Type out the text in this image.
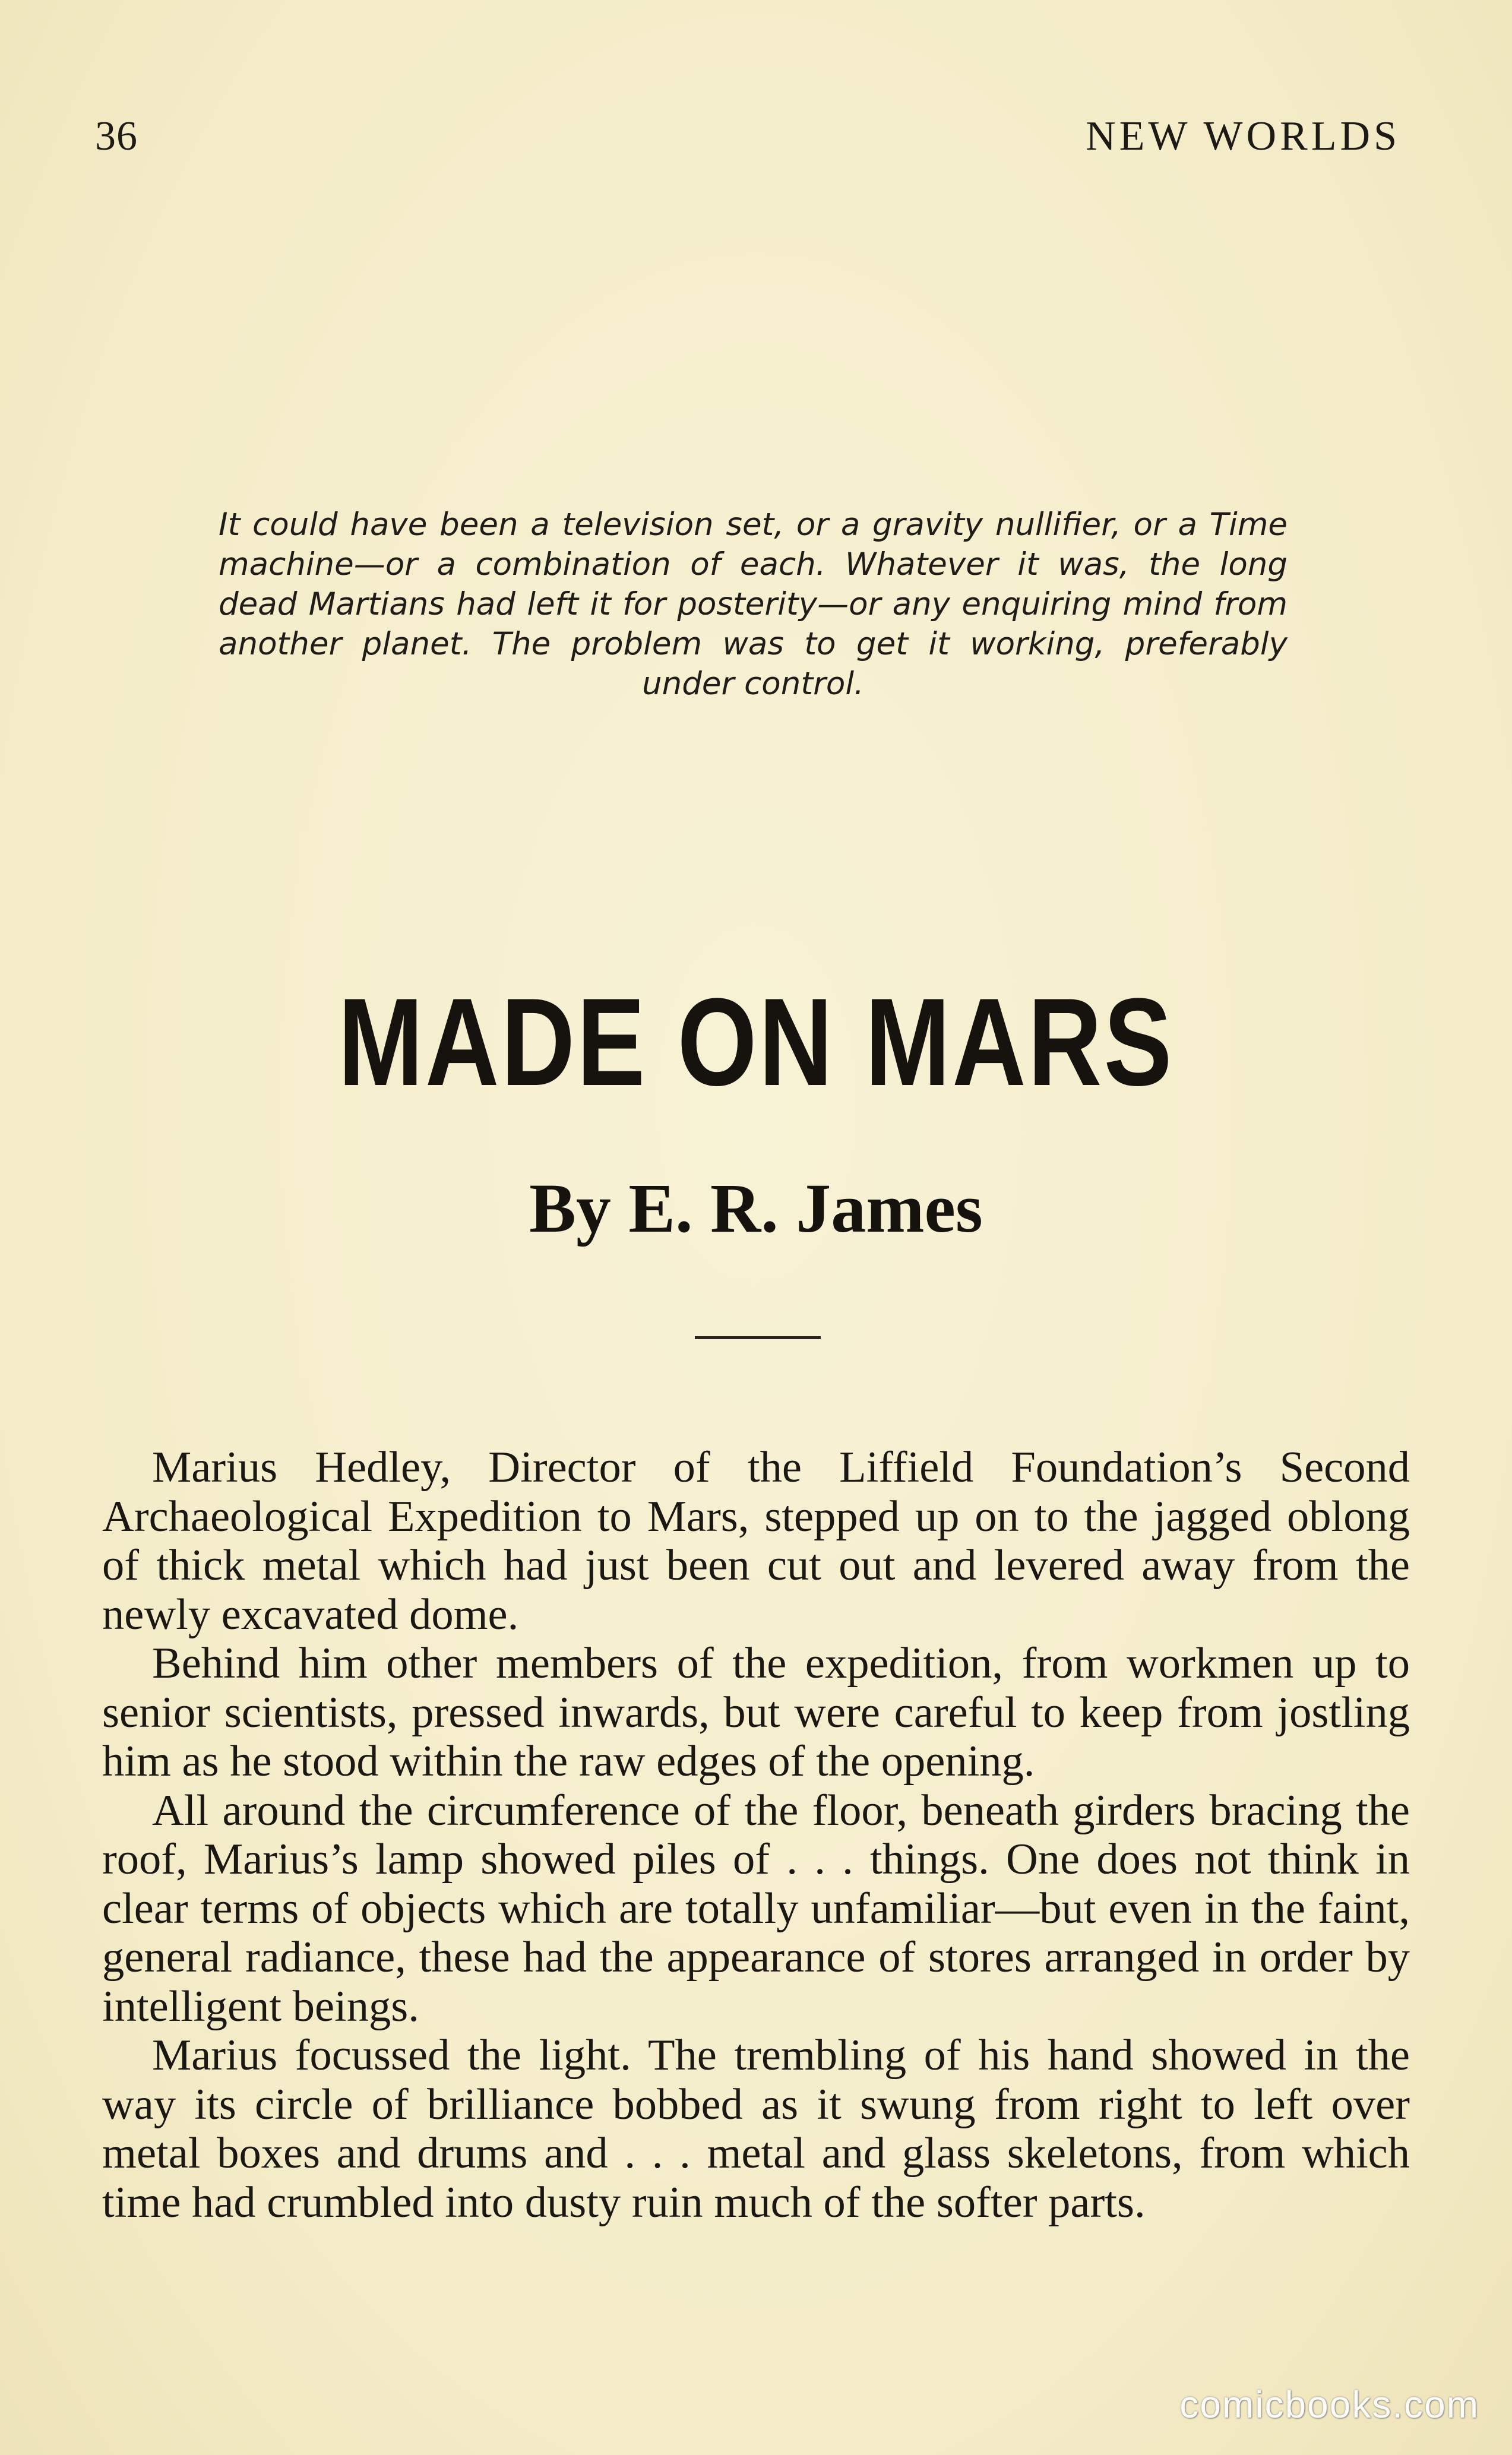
36	NEW WORLDS
It could have been a television set, or a gravity nullifier, or a Time machine—or a combination of each. Whatever it was, the long dead Martians had left it for posterity—or any enquiring mind from another planet. The problem was to get it working, preferably under control.
MADE ON MARS
By E. R. James

Marius Hedley, Director of the Liffield Foundation’s Second Archaeological Expedition to Mars, stepped up on to the jagged oblong of thick metal which had just been cut out and levered away from the newly excavated dome.

Behind him other members of the expedition, from workmen up to senior scientists, pressed inwards, but were careful to keep from jostling him as he stood within the raw edges of the opening.

All around the circumference of the floor, beneath girders bracing the roof, Marius’s lamp showed piles of . . . things. One does not think in clear terms of objects which are totally unfamiliar—but even in the faint, general radiance, these had the appearance of stores arranged in order by intelligent beings.

Marius focussed the light. The trembling of his hand showed in the way its circle of brilliance bobbed as it swung from right to left over metal boxes and drums and . . . metal and glass skeletons, from which time had crumbled into dusty ruin much of the softer parts.

comicbooks.com
